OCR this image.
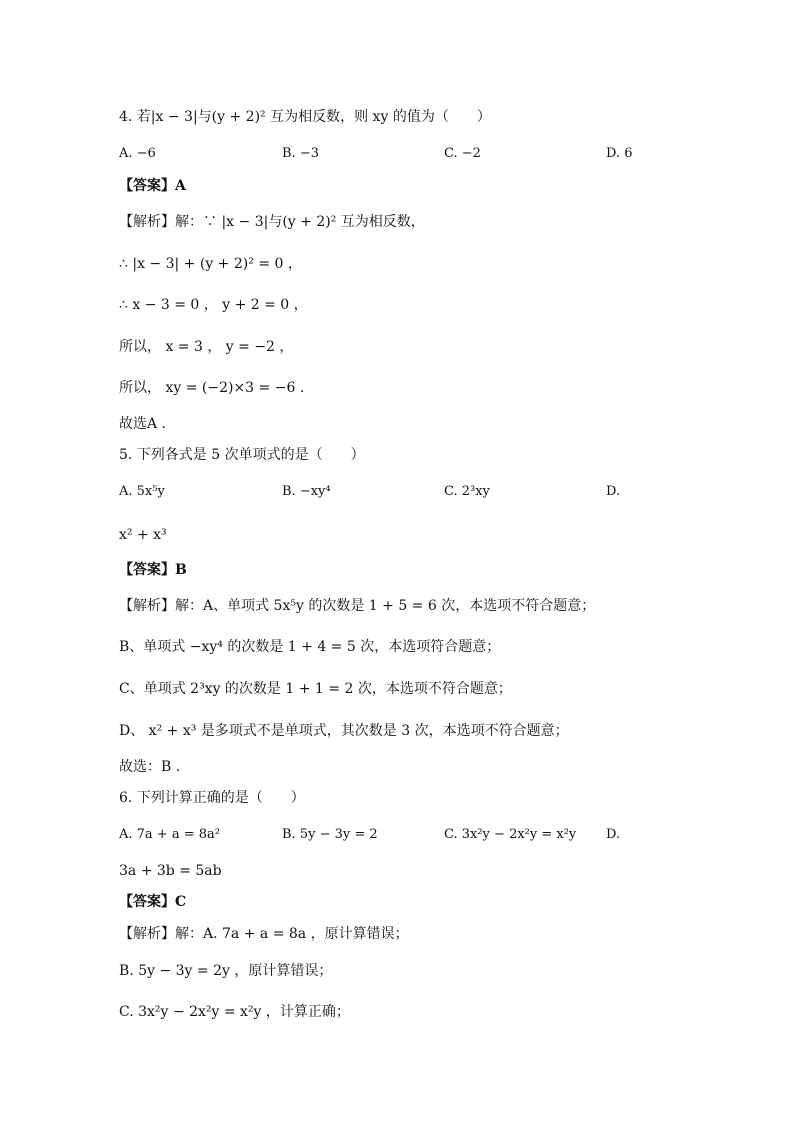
4. 若|x − 3|与(y + 2)² 互为相反数，则 xy 的值为（　　）
A. −6	B. −3	C. −2	D. 6
【答案】A
【解析】解：∵ |x − 3|与(y + 2)² 互为相反数，
∴ |x − 3| + (y + 2)² = 0 ，
∴ x − 3 = 0 ， y + 2 = 0 ，
所以， x = 3 ， y = −2 ，
所以， xy = (−2)×3 = −6 .
故选A .
5. 下列各式是 5 次单项式的是（　　）
A. 5x⁵y	B. −xy⁴	C. 2³xy	D.
x² + x³
【答案】B
【解析】解：A、单项式 5x⁵y 的次数是 1 + 5 = 6 次，本选项不符合题意；
B、单项式 −xy⁴ 的次数是 1 + 4 = 5 次，本选项符合题意；
C、单项式 2³xy 的次数是 1 + 1 = 2 次，本选项不符合题意；
D、 x² + x³ 是多项式不是单项式，其次数是 3 次，本选项不符合题意；
故选：B .
6. 下列计算正确的是（　　）
A. 7a + a = 8a²	B. 5y − 3y = 2	C. 3x²y − 2x²y = x²y D.
3a + 3b = 5ab
【答案】C
【解析】解：A. 7a + a = 8a ，原计算错误；
B. 5y − 3y = 2y ，原计算错误；
C. 3x²y − 2x²y = x²y ，计算正确；
